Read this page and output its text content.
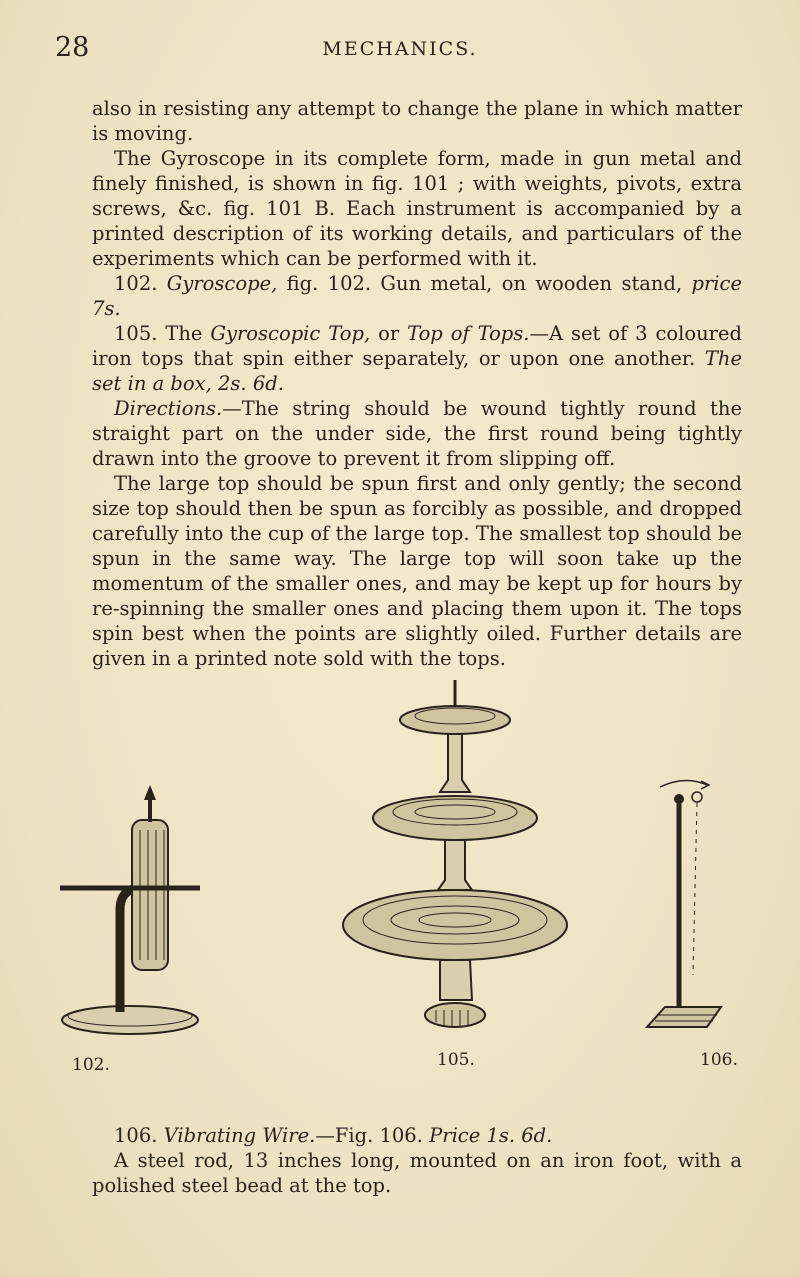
28	MECHANICS.

also in resisting any attempt to change the plane in which matter is moving.

The Gyroscope in its complete form, made in gun metal and finely finished, is shown in fig. 101 ; with weights, pivots, extra screws, &c. fig. 101 B. Each instrument is accompanied by a printed description of its working details, and particulars of the experiments which can be performed with it.

102. Gyroscope, fig. 102. Gun metal, on wooden stand, price 7s.

105. The Gyroscopic Top, or Top of Tops.—A set of 3 coloured iron tops that spin either separately, or upon one another. The set in a box, 2s. 6d.

Directions.—The string should be wound tightly round the straight part on the under side, the first round being tightly drawn into the groove to prevent it from slipping off.

The large top should be spun first and only gently; the second size top should then be spun as forcibly as possible, and dropped carefully into the cup of the large top. The smallest top should be spun in the same way. The large top will soon take up the momentum of the smaller ones, and may be kept up for hours by re-spinning the smaller ones and placing them upon it. The tops spin best when the points are slightly oiled. Further details are given in a printed note sold with the tops.

102.	105.	106.

106. Vibrating Wire.—Fig. 106. Price 1s. 6d.

A steel rod, 13 inches long, mounted on an iron foot, with a polished steel bead at the top.
